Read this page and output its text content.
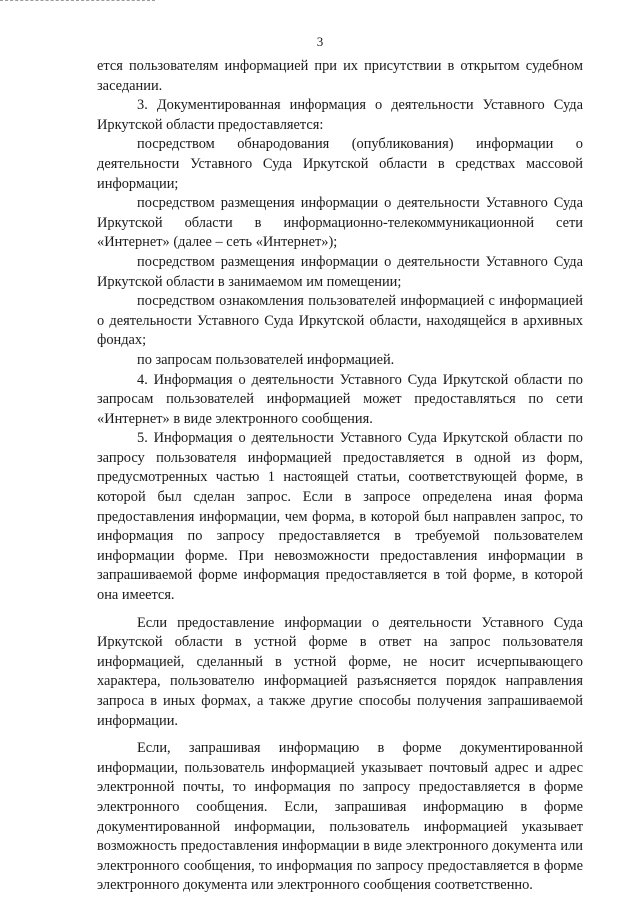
3

ется пользователям информацией при их присутствии в открытом судебном заседании.

3. Документированная информация о деятельности Уставного Суда Иркутской области предоставляется:

посредством обнародования (опубликования) информации о деятельности Уставного Суда Иркутской области в средствах массовой информации;

посредством размещения информации о деятельности Уставного Суда Иркутской области в информационно-телекоммуникационной сети «Интернет» (далее – сеть «Интернет»);

посредством размещения информации о деятельности Уставного Суда Иркутской области в занимаемом им помещении;

посредством ознакомления пользователей информацией с информацией о деятельности Уставного Суда Иркутской области, находящейся в архивных фондах;

по запросам пользователей информацией.

4. Информация о деятельности Уставного Суда Иркутской области по запросам пользователей информацией может предоставляться по сети «Интернет» в виде электронного сообщения.

5. Информация о деятельности Уставного Суда Иркутской области по запросу пользователя информацией предоставляется в одной из форм, предусмотренных частью 1 настоящей статьи, соответствующей форме, в которой был сделан запрос. Если в запросе определена иная форма предоставления информации, чем форма, в которой был направлен запрос, то информация по запросу предоставляется в требуемой пользователем информации форме. При невозможности предоставления информации в запрашиваемой форме информация предоставляется в той форме, в которой она имеется.

Если предоставление информации о деятельности Уставного Суда Иркутской области в устной форме в ответ на запрос пользователя информацией, сделанный в устной форме, не носит исчерпывающего характера, пользователю информацией разъясняется порядок направления запроса в иных формах, а также другие способы получения запрашиваемой информации.

Если, запрашивая информацию в форме документированной информации, пользователь информацией указывает почтовый адрес и адрес электронной почты, то информация по запросу предоставляется в форме электронного сообщения. Если, запрашивая информацию в форме документированной информации, пользователь информацией указывает возможность предоставления информации в виде электронного документа или электронного сообщения, то информация по запросу предоставляется в форме электронного документа или электронного сообщения соответственно.
